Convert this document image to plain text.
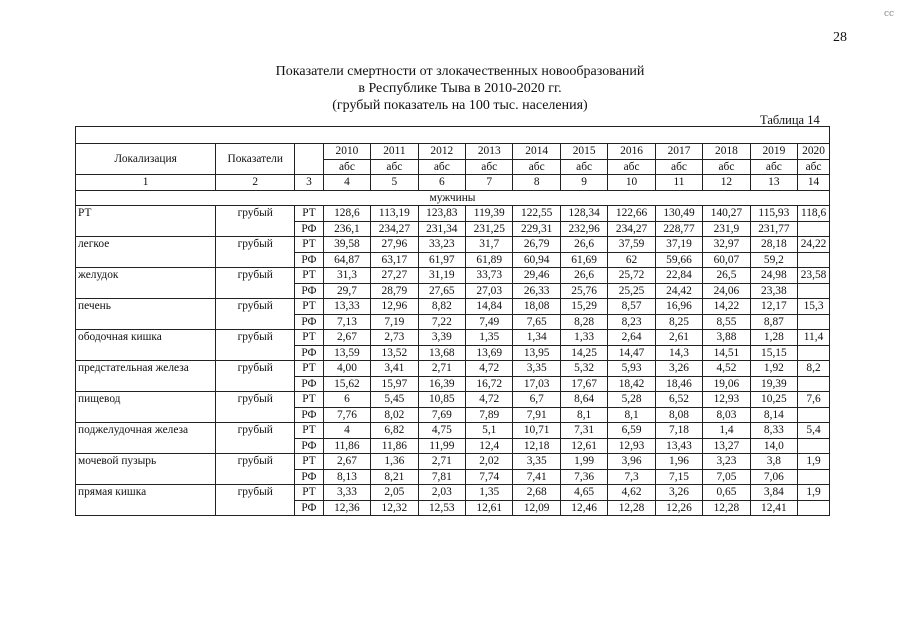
ⅽⅽ
28
Показатели смертности от злокачественных новообразований
в Республике Тыва в 2010-2020 гг.
(грубый показатель на 100 тыс. населения)
Таблица 14

Локализация	Показатели		2010	2011	2012	2013	2014	2015	2016	2017	2018	2019	2020
			абс	абс	абс	абс	абс	абс	абс	абс	абс	абс	абс
1	2	3	4	5	6	7	8	9	10	11	12	13	14
мужчины													
РТ	грубый	РТ	128,6	113,19	123,83	119,39	122,55	128,34	122,66	130,49	140,27	115,93	118,6
		РФ	236,1	234,27	231,34	231,25	229,31	232,96	234,27	228,77	231,9	231,77	
легкое	грубый	РТ	39,58	27,96	33,23	31,7	26,79	26,6	37,59	37,19	32,97	28,18	24,22
		РФ	64,87	63,17	61,97	61,89	60,94	61,69	62	59,66	60,07	59,2	
желудок	грубый	РТ	31,3	27,27	31,19	33,73	29,46	26,6	25,72	22,84	26,5	24,98	23,58
		РФ	29,7	28,79	27,65	27,03	26,33	25,76	25,25	24,42	24,06	23,38	
печень	грубый	РТ	13,33	12,96	8,82	14,84	18,08	15,29	8,57	16,96	14,22	12,17	15,3
		РФ	7,13	7,19	7,22	7,49	7,65	8,28	8,23	8,25	8,55	8,87	
ободочная кишка	грубый	РТ	2,67	2,73	3,39	1,35	1,34	1,33	2,64	2,61	3,88	1,28	11,4
		РФ	13,59	13,52	13,68	13,69	13,95	14,25	14,47	14,3	14,51	15,15	
предстательная железа	грубый	РТ	4,00	3,41	2,71	4,72	3,35	5,32	5,93	3,26	4,52	1,92	8,2
		РФ	15,62	15,97	16,39	16,72	17,03	17,67	18,42	18,46	19,06	19,39	
пищевод	грубый	РТ	6	5,45	10,85	4,72	6,7	8,64	5,28	6,52	12,93	10,25	7,6
		РФ	7,76	8,02	7,69	7,89	7,91	8,1	8,1	8,08	8,03	8,14	
поджелудочная железа	грубый	РТ	4	6,82	4,75	5,1	10,71	7,31	6,59	7,18	1,4	8,33	5,4
		РФ	11,86	11,86	11,99	12,4	12,18	12,61	12,93	13,43	13,27	14,0	
мочевой пузырь	грубый	РТ	2,67	1,36	2,71	2,02	3,35	1,99	3,96	1,96	3,23	3,8	1,9
		РФ	8,13	8,21	7,81	7,74	7,41	7,36	7,3	7,15	7,05	7,06	
прямая кишка	грубый	РТ	3,33	2,05	2,03	1,35	2,68	4,65	4,62	3,26	0,65	3,84	1,9
		РФ	12,36	12,32	12,53	12,61	12,09	12,46	12,28	12,26	12,28	12,41	
